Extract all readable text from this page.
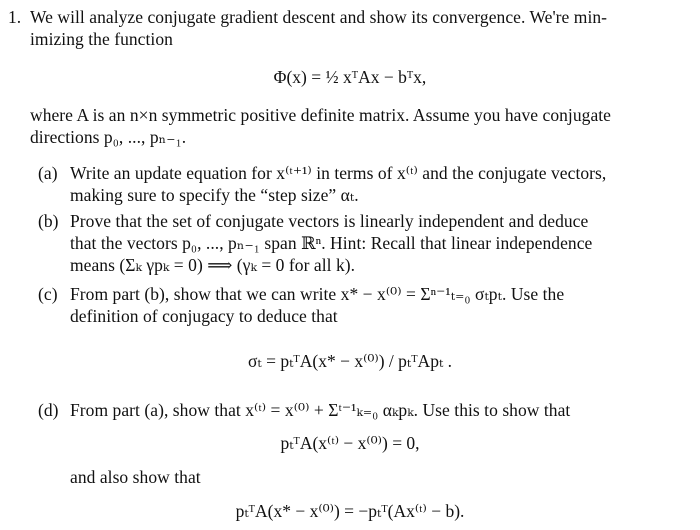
1. We will analyze conjugate gradient descent and show its convergence. We're min-
imizing the function
Φ(x) = ½ xᵀAx − bᵀx,
where A is an n×n symmetric positive definite matrix. Assume you have conjugate
directions p₀, ..., pₙ₋₁.
(a) Write an update equation for x⁽ᵗ⁺¹⁾ in terms of x⁽ᵗ⁾ and the conjugate vectors,
making sure to specify the “step size” αₜ.
(b) Prove that the set of conjugate vectors is linearly independent and deduce
that the vectors p₀, ..., pₙ₋₁ span ℝⁿ. Hint: Recall that linear independence
means (Σₖ γpₖ = 0) ⟹ (γₖ = 0 for all k).
(c) From part (b), show that we can write x* − x⁽⁰⁾ = Σⁿ⁻¹ₜ₌₀ σₜpₜ. Use the
definition of conjugacy to deduce that
σₜ = pₜᵀA(x* − x⁽⁰⁾) / pₜᵀApₜ .
(d) From part (a), show that x⁽ᵗ⁾ = x⁽⁰⁾ + Σᵗ⁻¹ₖ₌₀ αₖpₖ. Use this to show that
pₜᵀA(x⁽ᵗ⁾ − x⁽⁰⁾) = 0,
and also show that
pₜᵀA(x* − x⁽⁰⁾) = −pₜᵀ(Ax⁽ᵗ⁾ − b).
